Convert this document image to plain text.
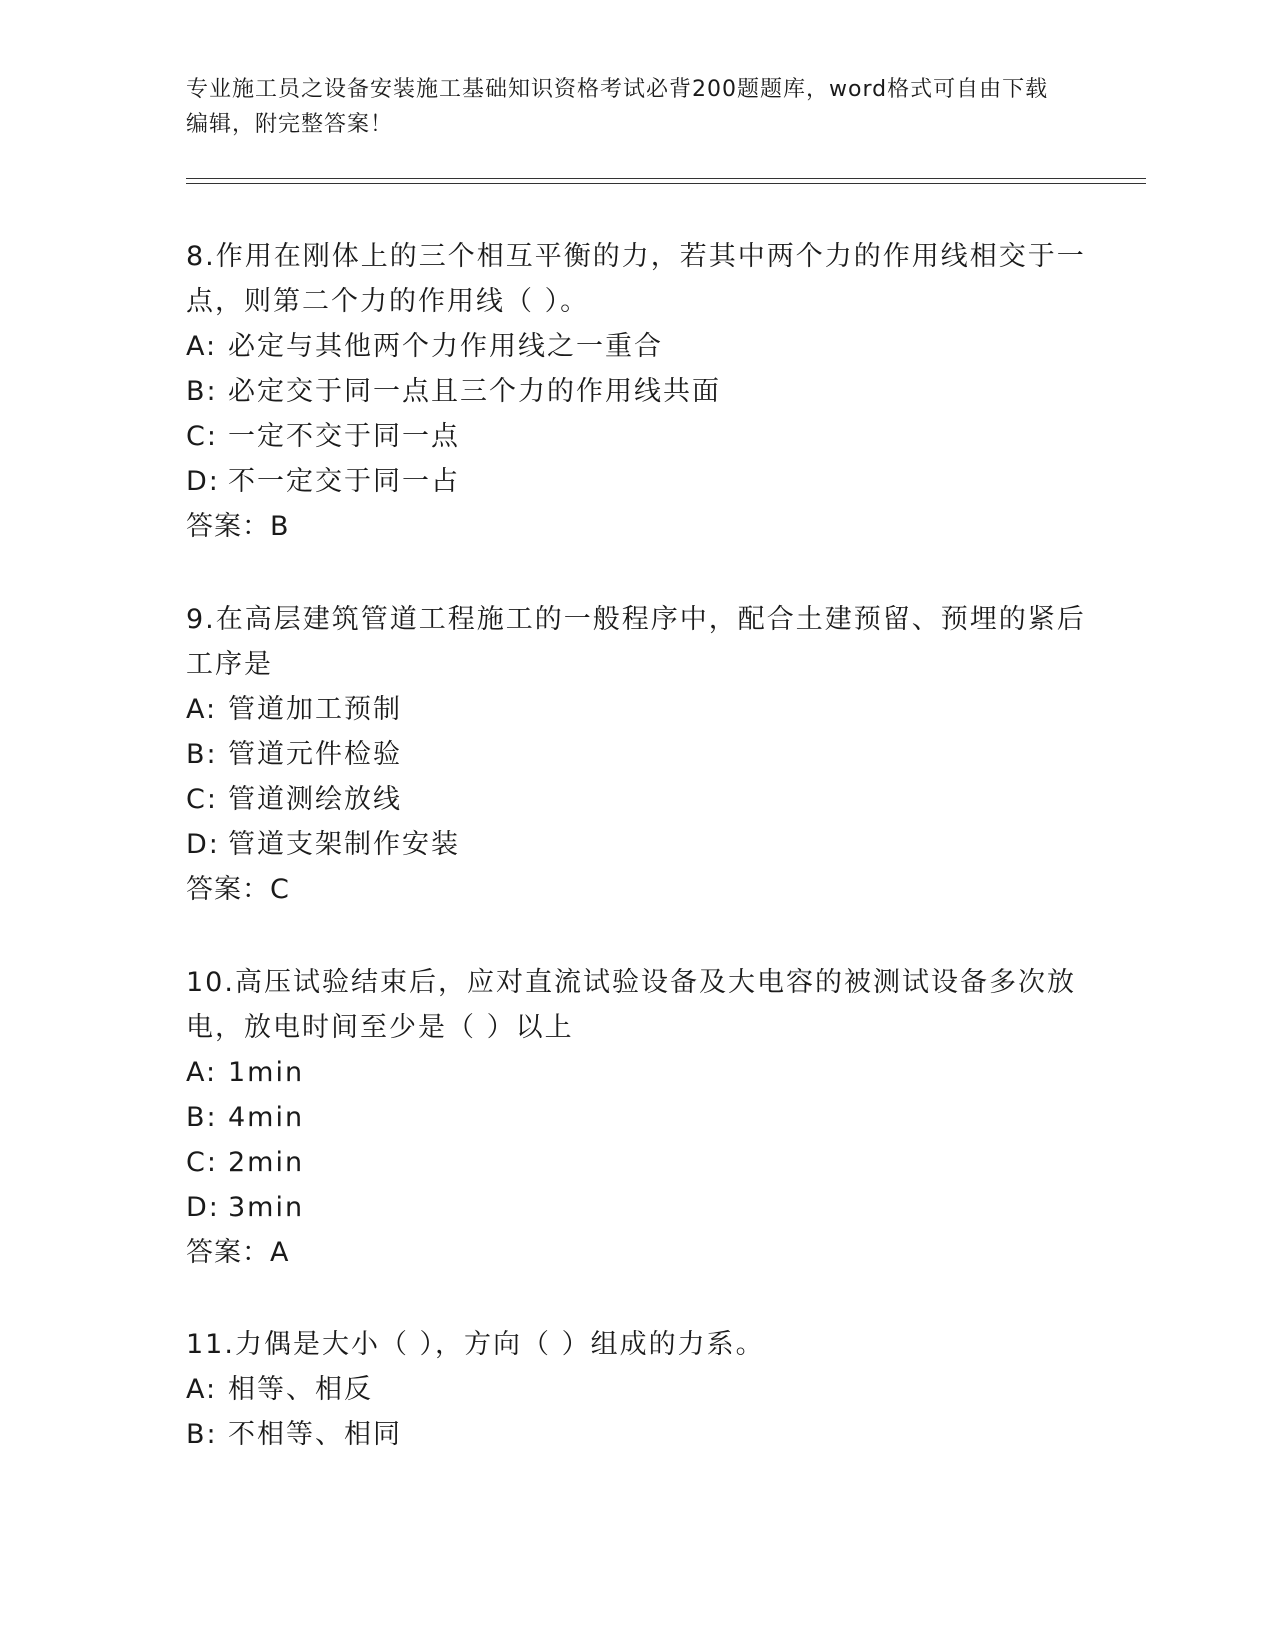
专业施工员之设备安装施工基础知识资格考试必背200题题库，word格式可自由下载编辑，附完整答案！

8.作用在刚体上的三个相互平衡的力，若其中两个力的作用线相交于一点，则第二个力的作用线（ ）。

A: 必定与其他两个力作用线之一重合

B: 必定交于同一点且三个力的作用线共面

C: 一定不交于同一点

D: 不一定交于同一占

答案：B

9.在高层建筑管道工程施工的一般程序中，配合土建预留、预埋的紧后工序是

A: 管道加工预制

B: 管道元件检验

C: 管道测绘放线

D: 管道支架制作安装

答案：C

10.高压试验结束后，应对直流试验设备及大电容的被测试设备多次放电，放电时间至少是（ ）以上

A: 1min

B: 4min

C: 2min

D: 3min

答案：A

11.力偶是大小（ ），方向（ ）组成的力系。

A: 相等、相反

B: 不相等、相同
